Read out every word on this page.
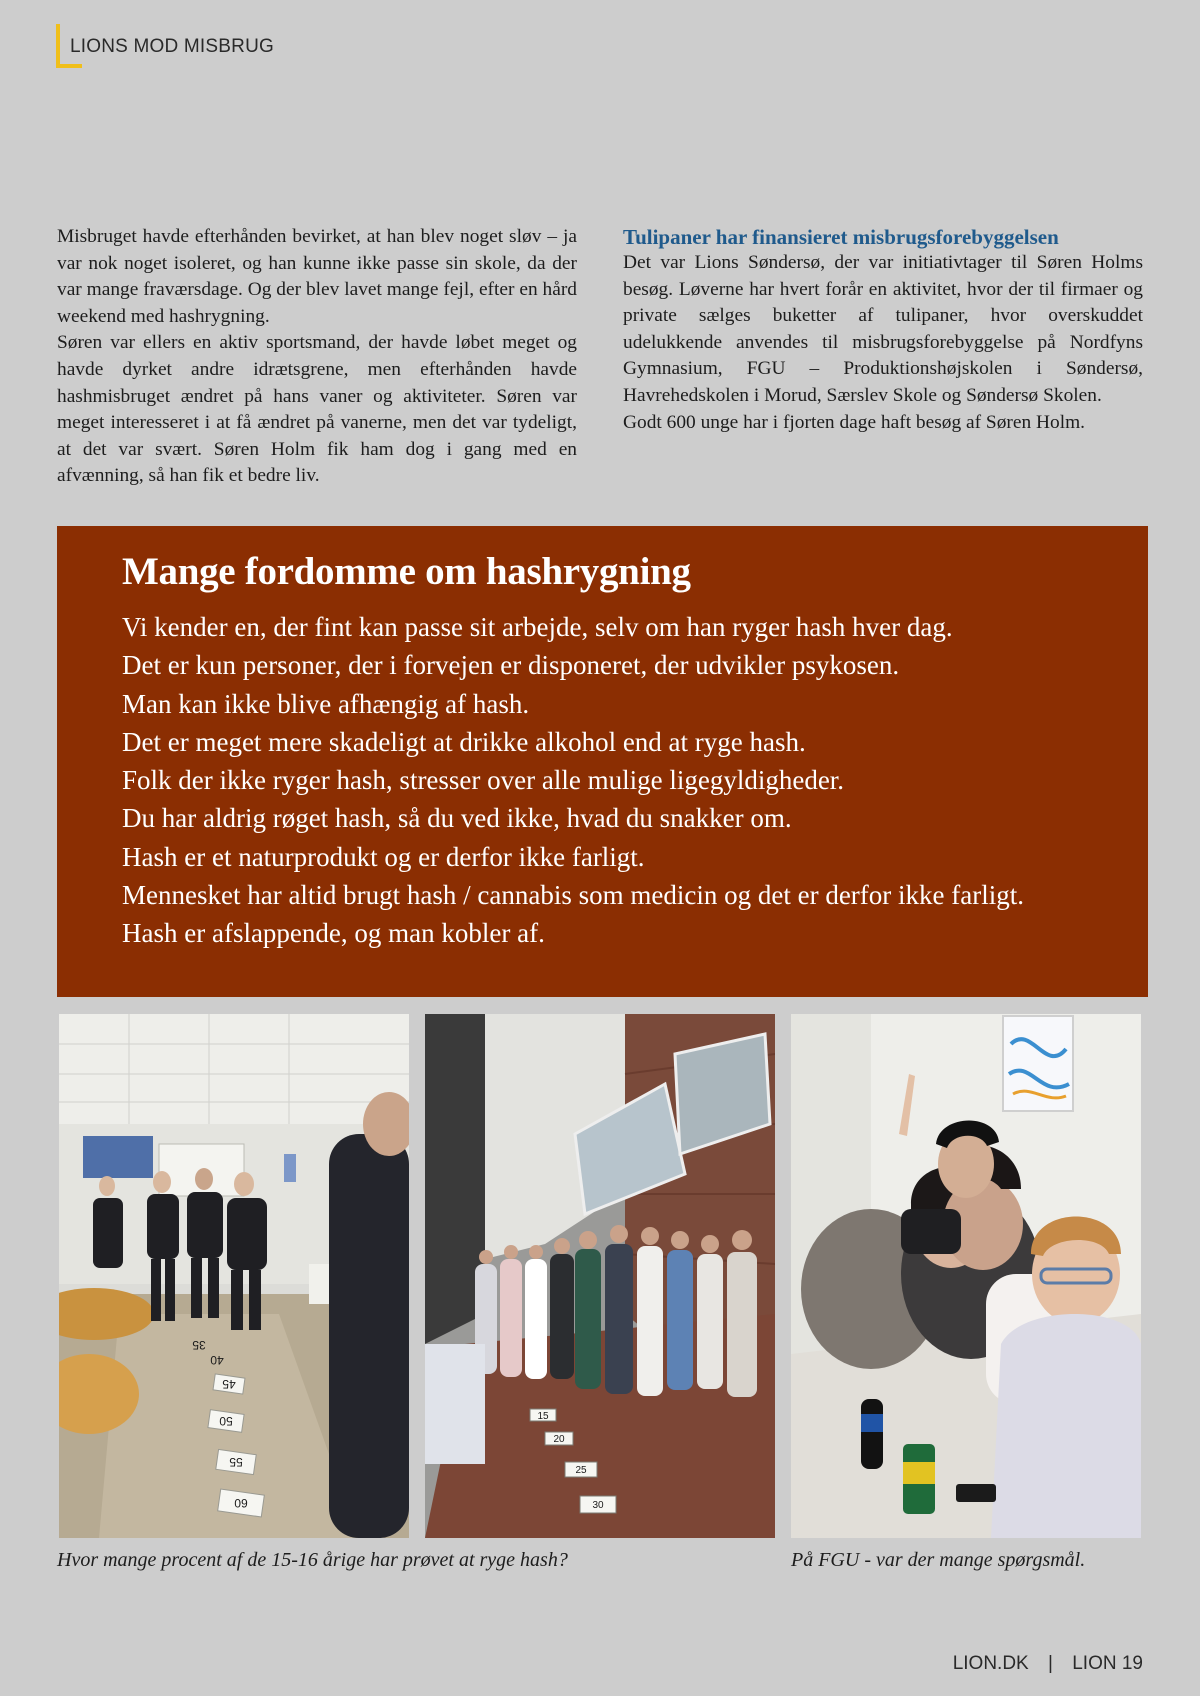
LIONS MOD MISBRUG

Misbruget havde efterhånden bevirket, at han blev noget sløv – ja var nok noget isoleret, og han kunne ikke passe sin skole, da der var mange fraværsdage. Og der blev lavet mange fejl, efter en hård weekend med hashrygning.

Søren var ellers en aktiv sportsmand, der havde løbet meget og havde dyrket andre idrætsgrene, men efterhånden havde hashmisbruget ændret på hans vaner og aktiviteter. Søren var meget interesseret i at få ændret på vanerne, men det var tydeligt, at det var svært. Søren Holm fik ham dog i gang med en afvænning, så han fik et bedre liv.

Tulipaner har finansieret misbrugsforebyggelsen

Det var Lions Søndersø, der var initiativtager til Søren Holms besøg. Løverne har hvert forår en aktivitet, hvor der til firmaer og private sælges buketter af tulipaner, hvor overskuddet udelukkende anvendes til misbrugsforebyggelse på Nordfyns Gymnasium, FGU – Produktionshøjskolen i Søndersø, Havrehedskolen i Morud, Særslev Skole og Søndersø Skolen.

Godt 600 unge har i fjorten dage haft besøg af Søren Holm.

Mange fordomme om hashrygning
Vi kender en, der fint kan passe sit arbejde, selv om han ryger hash hver dag.
Det er kun personer, der i forvejen er disponeret, der udvikler psykosen.
Man kan ikke blive afhængig af hash.
Det er meget mere skadeligt at drikke alkohol end at ryge hash.
Folk der ikke ryger hash, stresser over alle mulige ligegyldigheder.
Du har aldrig røget hash, så du ved ikke, hvad du snakker om.
Hash er et naturprodukt og er derfor ikke farligt.
Mennesket har altid brugt hash / cannabis som medicin og det er derfor ikke farligt.
Hash er afslappende, og man kobler af.
35
40
45
50
55
60
15
20
25
30
Hvor mange procent af de 15-16 årige har prøvet at ryge hash?	På FGU - var der mange spørgsmål.
LION.DK | LION 19
